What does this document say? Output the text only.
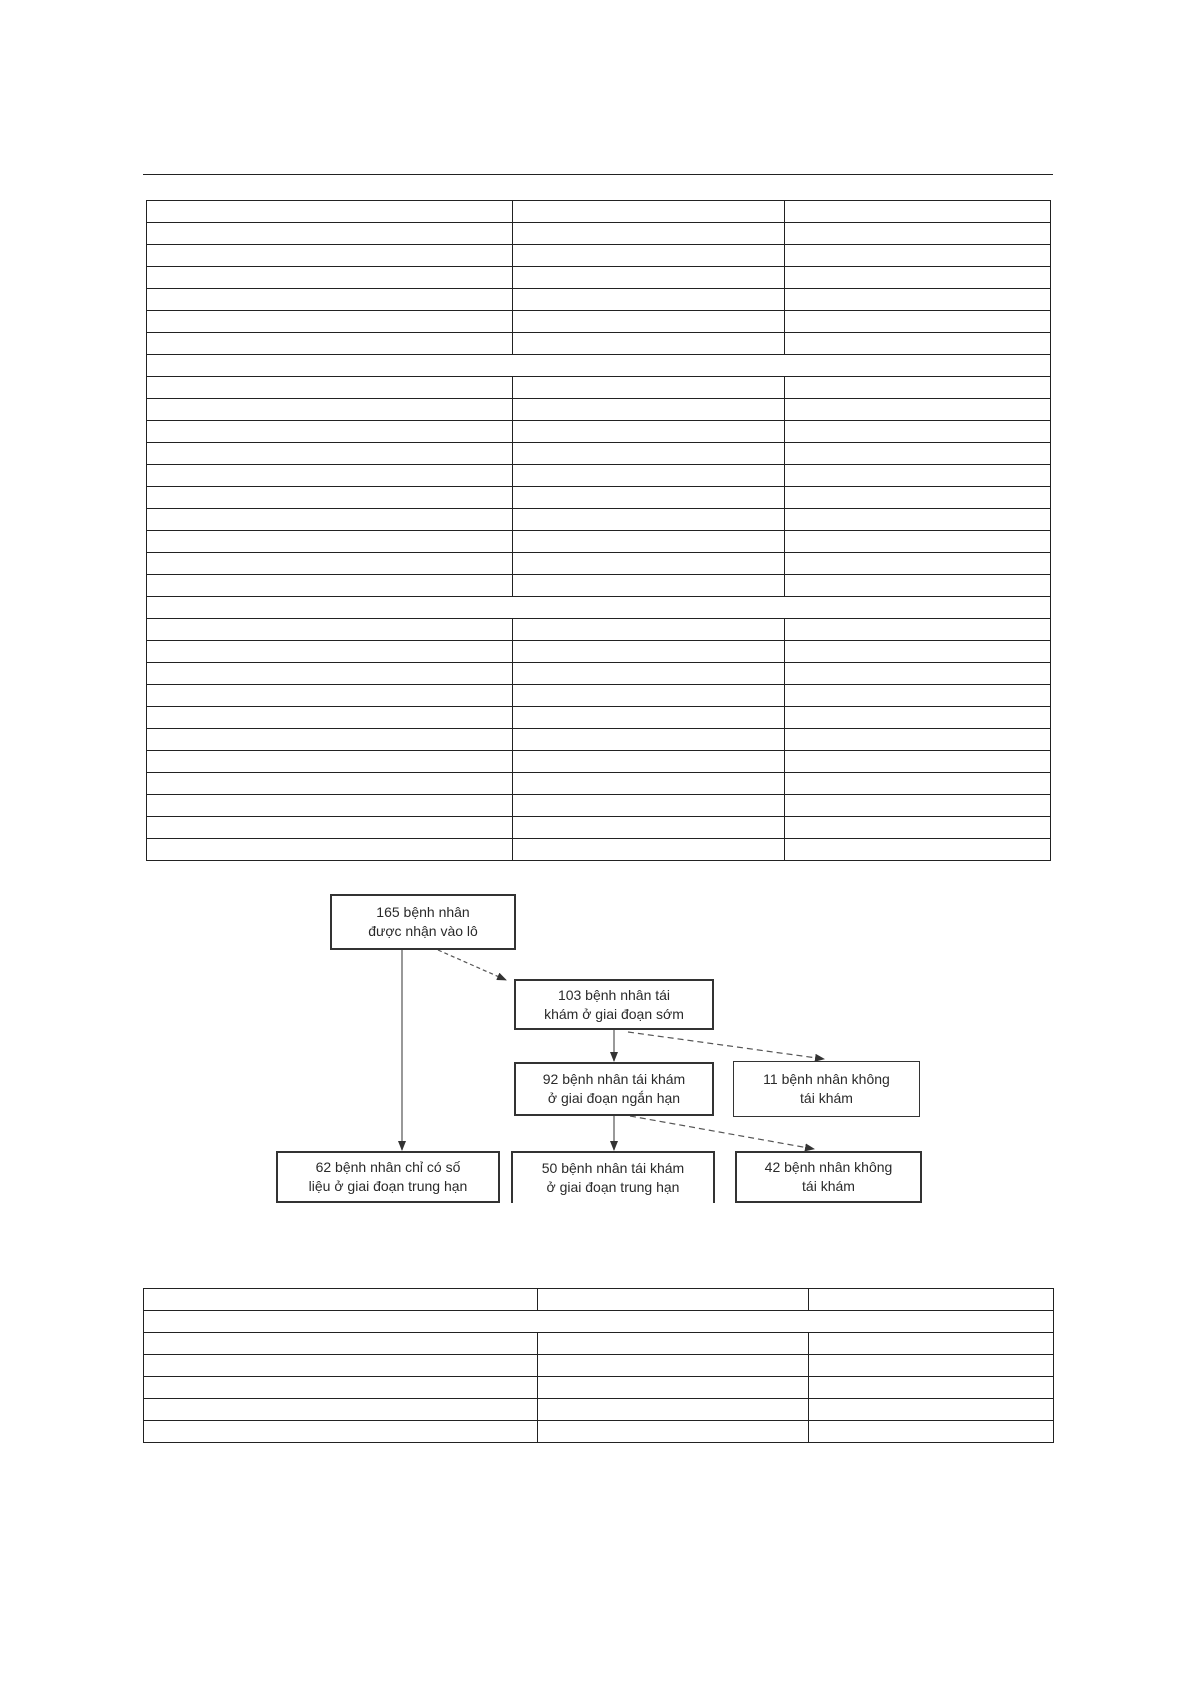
165 bệnh nhân
được nhận vào lô
103 bệnh nhân tái
khám ở giai đoạn sớm
92 bệnh nhân tái khám
ở giai đoạn ngắn hạn
11 bệnh nhân không
tái khám
62 bệnh nhân chỉ có số
liệu ở giai đoạn trung hạn
50 bệnh nhân tái khám
ở giai đoạn trung hạn
42 bệnh nhân không
tái khám
